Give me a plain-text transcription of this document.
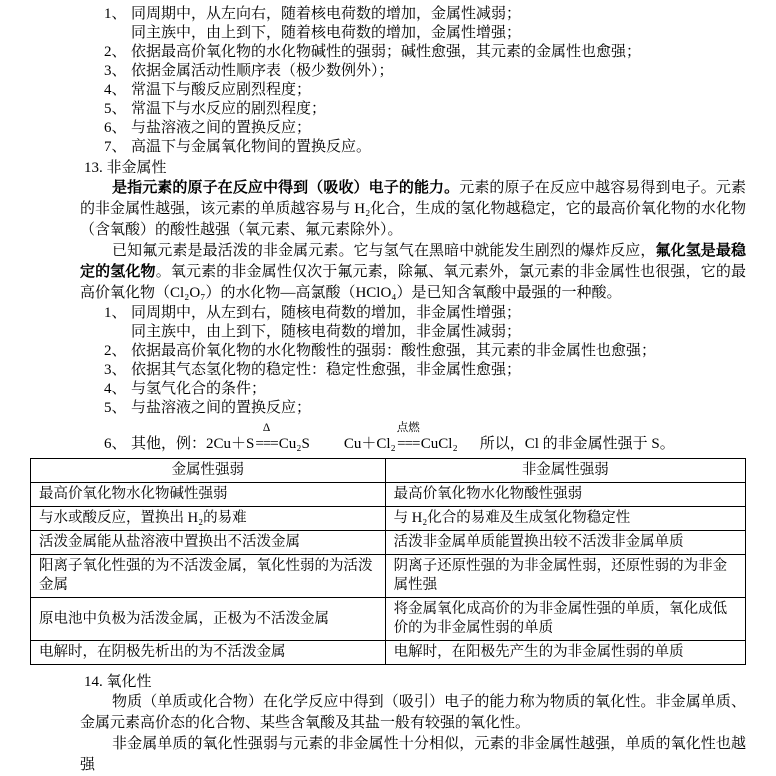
1、 同周期中，从左向右，随着核电荷数的增加，金属性减弱；
同主族中，由上到下，随着核电荷数的增加，金属性增强；
2、 依据最高价氧化物的水化物碱性的强弱；碱性愈强，其元素的金属性也愈强；
3、 依据金属活动性顺序表（极少数例外）；
4、 常温下与酸反应剧烈程度；
5、 常温下与水反应的剧烈程度；
6、 与盐溶液之间的置换反应；
7、 高温下与金属氧化物间的置换反应。
13. 非金属性

是指元素的原子在反应中得到（吸收）电子的能力。元素的原子在反应中越容易得到电子。元素的非金属性越强，该元素的单质越容易与 H₂化合，生成的氢化物越稳定，它的最高价氧化物的水化物（含氧酸）的酸性越强（氧元素、氟元素除外）。

已知氟元素是最活泼的非金属元素。它与氢气在黑暗中就能发生剧烈的爆炸反应，氟化氢是最稳定的氢化物。氧元素的非金属性仅次于氟元素，除氟、氧元素外，氯元素的非金属性也很强，它的最高价氧化物（Cl₂O₇）的水化物—高氯酸（HClO₄）是已知含氧酸中最强的一种酸。

1、 同周期中，从左到右，随核电荷数的增加，非金属性增强；
同主族中，由上到下，随核电荷数的增加，非金属性减弱；
2、 依据最高价氧化物的水化物酸性的强弱：酸性愈强，其元素的非金属性也愈强；
3、 依据其气态氢化物的稳定性：稳定性愈强，非金属性愈强；
4、 与氢气化合的条件；
5、 与盐溶液之间的置换反应；
6、 其他，例： 2Cu＋S
Δ
=== Cu₂S Cu＋Cl₂
点燃
=== CuCl₂ 所以，Cl 的非金属性强于 S。
金属性强弱	非金属性强弱
最高价氧化物水化物碱性强弱	最高价氧化物水化物酸性强弱
与水或酸反应，置换出 H₂的易难	与 H₂化合的易难及生成氢化物稳定性
活泼金属能从盐溶液中置换出不活泼金属	活泼非金属单质能置换出较不活泼非金属单质
阳离子氧化性强的为不活泼金属，氧化性弱的为活泼金属	阴离子还原性强的为非金属性弱，还原性弱的为非金属性强
原电池中负极为活泼金属，正极为不活泼金属	将金属氧化成高价的为非金属性强的单质，氧化成低价的为非金属性弱的单质
电解时，在阴极先析出的为不活泼金属	电解时，在阳极先产生的为非金属性弱的单质
14. 氧化性

物质（单质或化合物）在化学反应中得到（吸引）电子的能力称为物质的氧化性。非金属单质、金属元素高价态的化合物、某些含氧酸及其盐一般有较强的氧化性。

非金属单质的氧化性强弱与元素的非金属性十分相似，元素的非金属性越强，单质的氧化性也越强
